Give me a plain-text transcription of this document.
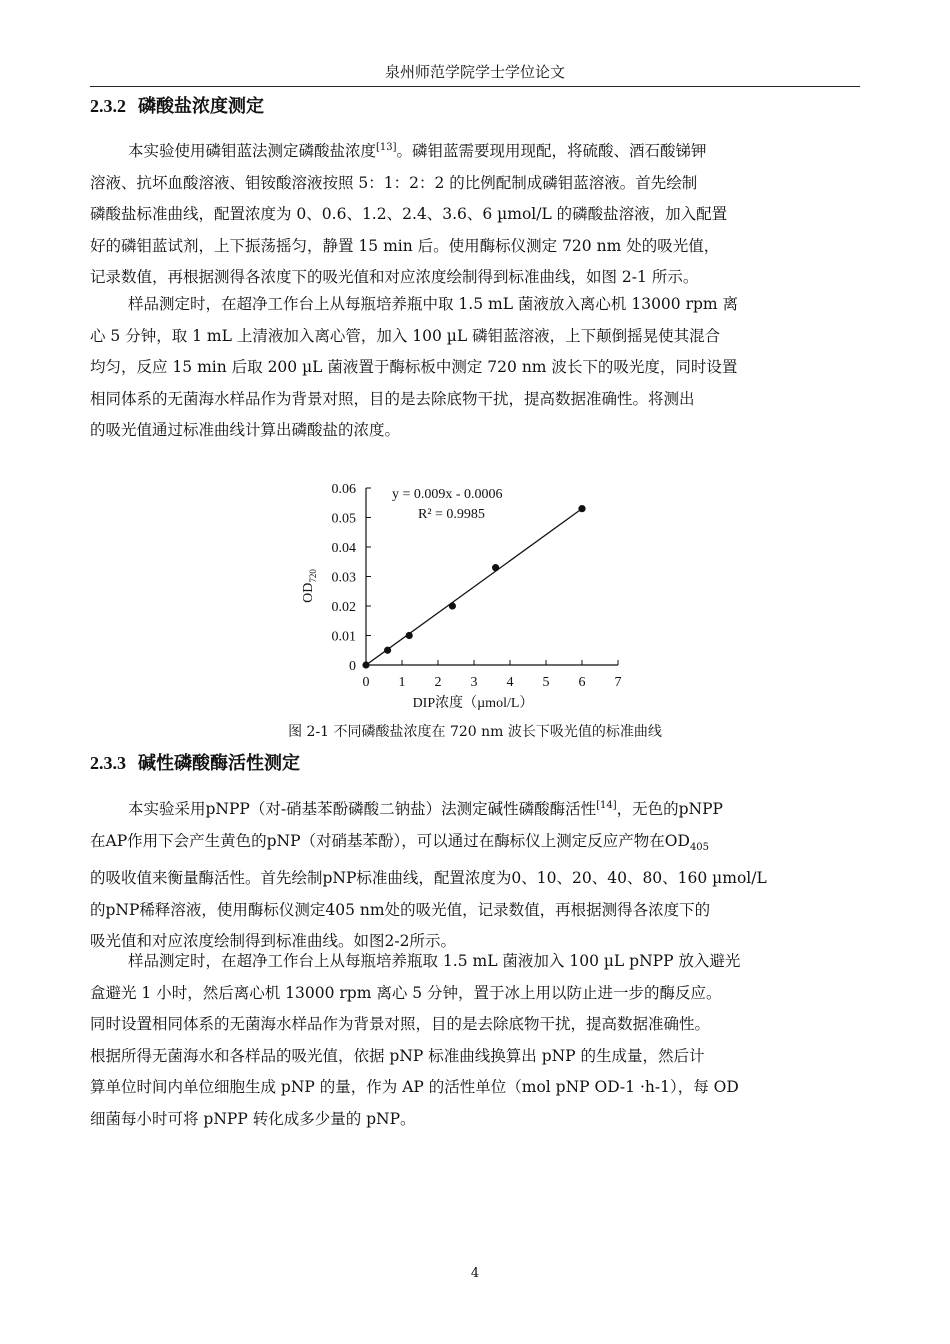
泉州师范学院学士学位论文
2.3.2 磷酸盐浓度测定
本实验使用磷钼蓝法测定磷酸盐浓度[13]。磷钼蓝需要现用现配，将硫酸、酒石酸锑钾
溶液、抗坏血酸溶液、钼铵酸溶液按照 5：1：2：2 的比例配制成磷钼蓝溶液。首先绘制
磷酸盐标准曲线，配置浓度为 0、0.6、1.2、2.4、3.6、6 µmol/L 的磷酸盐溶液，加入配置
好的磷钼蓝试剂，上下振荡摇匀，静置 15 min 后。使用酶标仪测定 720 nm 处的吸光值，
记录数值，再根据测得各浓度下的吸光值和对应浓度绘制得到标准曲线，如图 2-1 所示。
样品测定时，在超净工作台上从每瓶培养瓶中取 1.5 mL 菌液放入离心机 13000 rpm 离
心 5 分钟，取 1 mL 上清液加入离心管，加入 100 µL 磷钼蓝溶液，上下颠倒摇晃使其混合
均匀，反应 15 min 后取 200 µL 菌液置于酶标板中测定 720 nm 波长下的吸光度，同时设置
相同体系的无菌海水样品作为背景对照，目的是去除底物干扰，提高数据准确性。将测出
的吸光值通过标准曲线计算出磷酸盐的浓度。
0
0.01
0.02
0.03
0.04
0.05
0.06
0 1 2 3 4 5 6 7
y = 0.009x - 0.0006
R² = 0.9985
DIP浓度（µmol/L）
$OD_{720}$
图 2-1 不同磷酸盐浓度在 720 nm 波长下吸光值的标准曲线
2.3.3 碱性磷酸酶活性测定
本实验采用pNPP（对-硝基苯酚磷酸二钠盐）法测定碱性磷酸酶活性[14]，无色的pNPP
在AP作用下会产生黄色的pNP（对硝基苯酚），可以通过在酶标仪上测定反应产物在$OD_{405}$
的吸收值来衡量酶活性。首先绘制pNP标准曲线，配置浓度为0、10、20、40、80、160 µmol/L
的pNP稀释溶液，使用酶标仪测定405 nm处的吸光值，记录数值，再根据测得各浓度下的
吸光值和对应浓度绘制得到标准曲线。如图2-2所示。
样品测定时，在超净工作台上从每瓶培养瓶取 1.5 mL 菌液加入 100 µL pNPP 放入避光
盒避光 1 小时，然后离心机 13000 rpm 离心 5 分钟，置于冰上用以防止进一步的酶反应。
同时设置相同体系的无菌海水样品作为背景对照，目的是去除底物干扰，提高数据准确性。
根据所得无菌海水和各样品的吸光值，依据 pNP 标准曲线换算出 pNP 的生成量，然后计
算单位时间内单位细胞生成 pNP 的量，作为 AP 的活性单位（mol pNP OD-1 ·h-1），每 OD
细菌每小时可将 pNPP 转化成多少量的 pNP。
4
